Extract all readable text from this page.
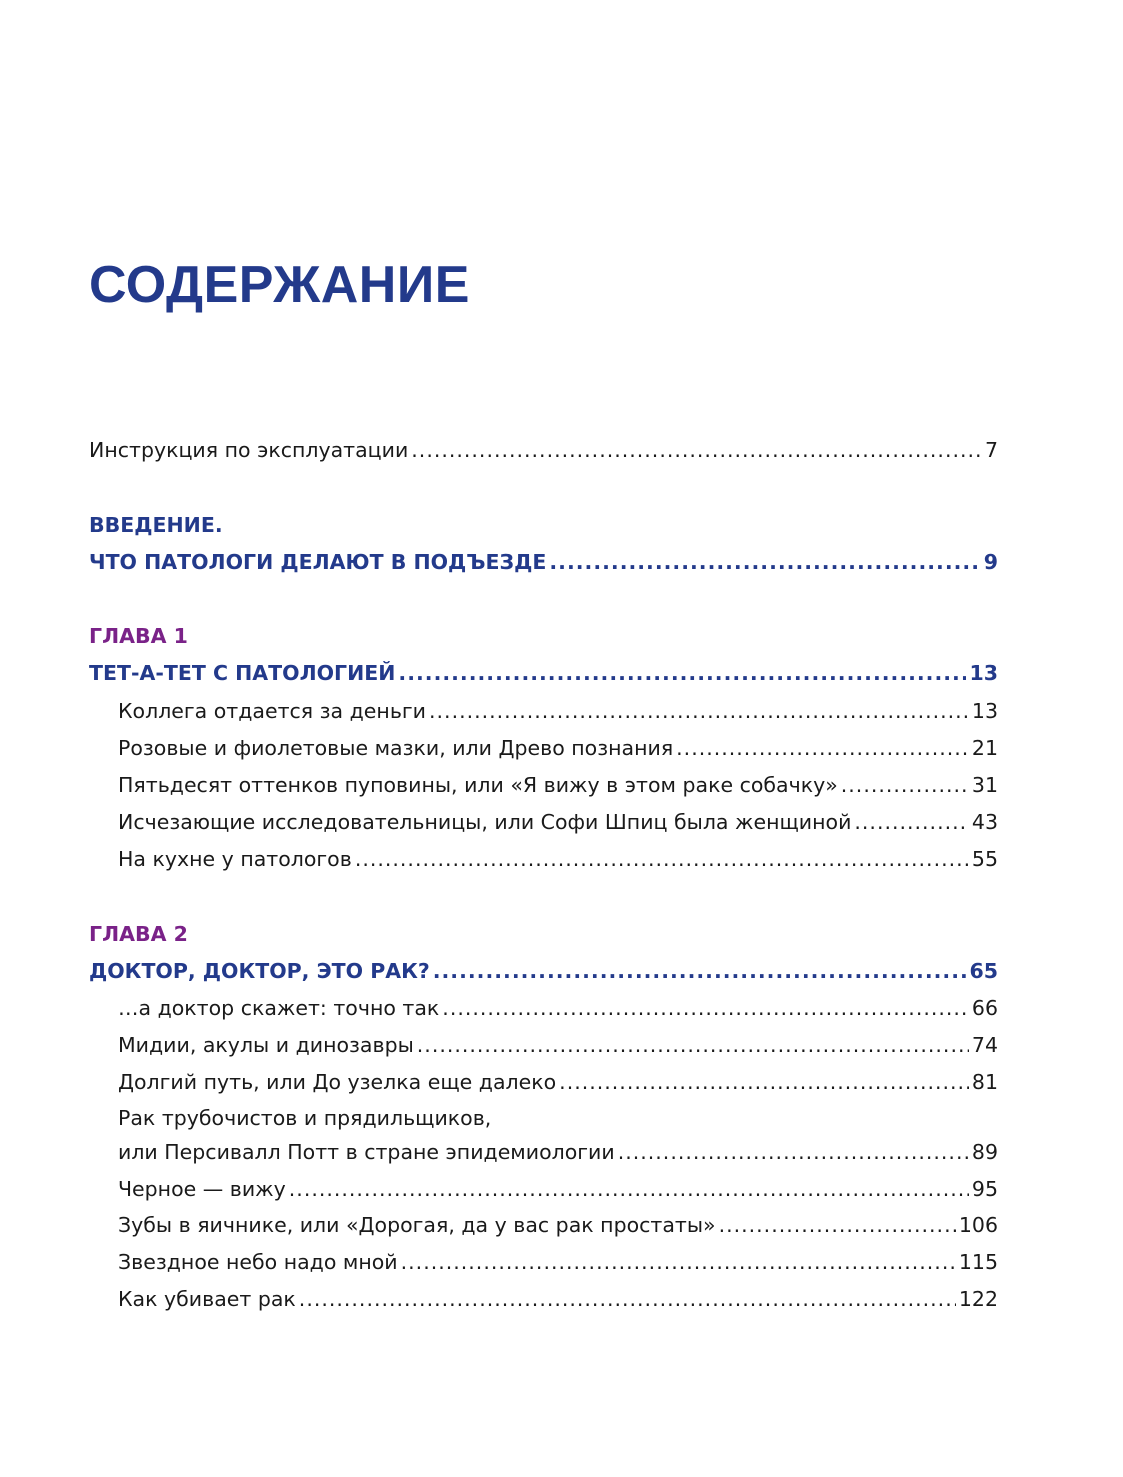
СОДЕРЖАНИЕ
Инструкция по эксплуатации .....	7
ВВЕДЕНИЕ.
ЧТО ПАТОЛОГИ ДЕЛАЮТ В ПОДЪЕЗДЕ .....	9
ГЛАВА 1
ТЕТ-А-ТЕТ С ПАТОЛОГИЕЙ .....	13
Коллега отдается за деньги .....	13
Розовые и фиолетовые мазки, или Древо познания .....	21
Пятьдесят оттенков пуповины, или «Я вижу в этом раке собачку» .....	31
Исчезающие исследовательницы, или Софи Шпиц была женщиной .....	43
На кухне у патологов .....	55
ГЛАВА 2
ДОКТОР, ДОКТОР, ЭТО РАК? .....	65
…а доктор скажет: точно так .....	66
Мидии, акулы и динозавры .....	74
Долгий путь, или До узелка еще далеко .....	81
Рак трубочистов и прядильщиков,
или Персивалл Потт в стране эпидемиологии .....	89
Черное — вижу .....	95
Зубы в яичнике, или «Дорогая, да у вас рак простаты» .....	106
Звездное небо надо мной .....	115
Как убивает рак .....	122
